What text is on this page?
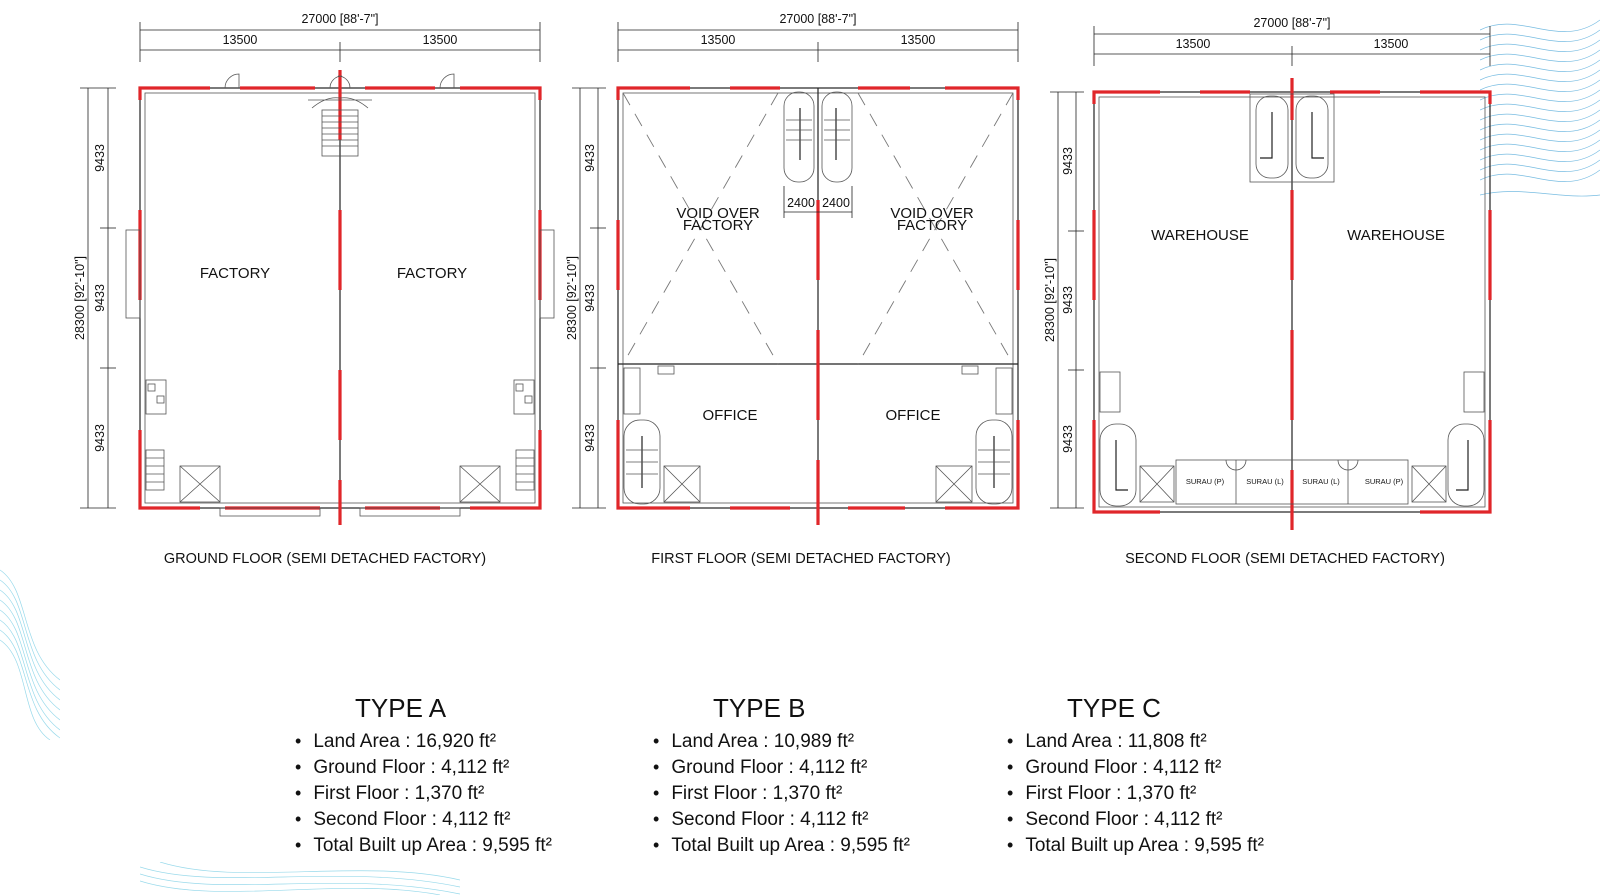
27000 [88'-7"]
13500	13500
28300 [92'-10"]
9433
9433
9433
FACTORY	FACTORY
GROUND FLOOR (SEMI DETACHED FACTORY)
27000 [88'-7"]
13500	13500
28300 [92'-10"]
9433
9433
9433
2400 2400
VOID OVER
FACTORY
VOID OVER
FACTORY
OFFICE	OFFICE
FIRST FLOOR (SEMI DETACHED FACTORY)
27000 [88'-7"]
13500	13500
28300 [92'-10"]
9433
9433
9433
SURAU (P)	SURAU (L) SURAU (L)	SURAU (P)
WAREHOUSE	WAREHOUSE
SECOND FLOOR (SEMI DETACHED FACTORY)
TYPE A
• Land Area : 16,920 ft²
• Ground Floor : 4,112 ft²
• First Floor : 1,370 ft²
• Second Floor : 4,112 ft²
• Total Built up Area : 9,595 ft²
TYPE B
• Land Area : 10,989 ft²
• Ground Floor : 4,112 ft²
• First Floor : 1,370 ft²
• Second Floor : 4,112 ft²
• Total Built up Area : 9,595 ft²
TYPE C
• Land Area : 11,808 ft²
• Ground Floor : 4,112 ft²
• First Floor : 1,370 ft²
• Second Floor : 4,112 ft²
• Total Built up Area : 9,595 ft²
